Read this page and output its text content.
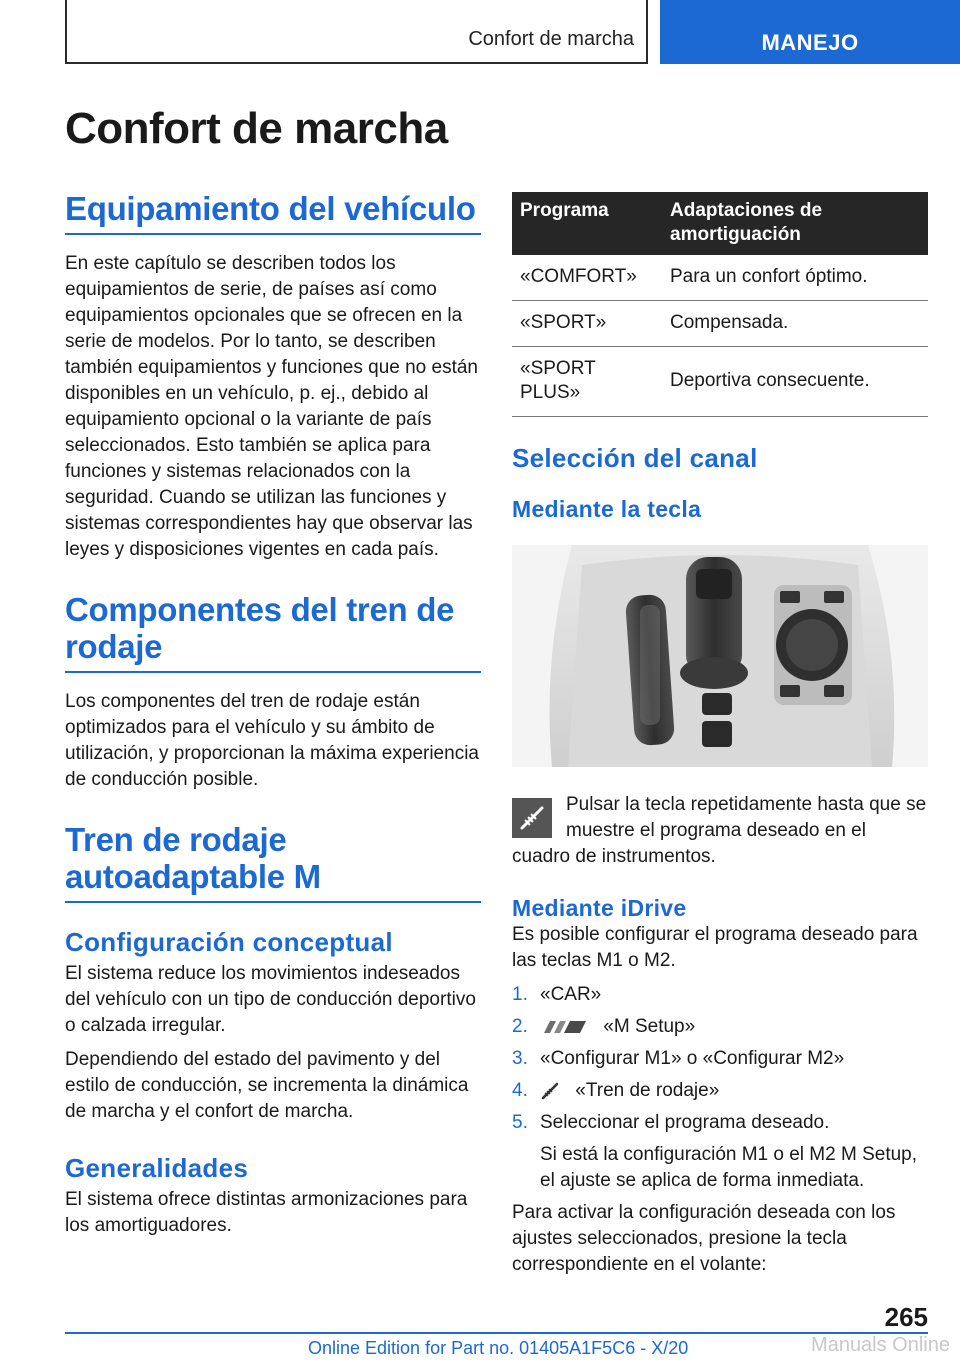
Confort de marcha	MANEJO
Confort de marcha
Equipamiento del vehículo

En este capítulo se describen todos los equipamientos de serie, de países así como equipamientos opcionales que se ofrecen en la serie de modelos. Por lo tanto, se describen también equipamientos y funciones que no están disponibles en un vehículo, p. ej., debido al equipamiento opcional o la variante de país seleccionados. Esto también se aplica para funciones y sistemas relacionados con la seguridad. Cuando se utilizan las funciones y sistemas correspondientes hay que observar las leyes y disposiciones vigentes en cada país.

Componentes del tren de rodaje

Los componentes del tren de rodaje están optimizados para el vehículo y su ámbito de utilización, y proporcionan la máxima experiencia de conducción posible.

Tren de rodaje autoadaptable M
Configuración conceptual

El sistema reduce los movimientos indeseados del vehículo con un tipo de conducción deportivo o calzada irregular.

Dependiendo del estado del pavimento y del estilo de conducción, se incrementa la dinámica de marcha y el confort de marcha.

Generalidades

El sistema ofrece distintas armonizaciones para los amortiguadores.

Programa	Adaptaciones de amortiguación
«COMFORT»	Para un confort óptimo.
«SPORT»	Compensada.
«SPORT PLUS»	Deportiva consecuente.
Selección del canal
Mediante la tecla

Pulsar la tecla repetidamente hasta que se muestre el programa deseado en el cuadro de instrumentos.

Mediante iDrive

Es posible configurar el programa deseado para las teclas M1 o M2.

1. «CAR»
2.	«M Setup»
3. «Configurar M1» o «Configurar M2»
4. «Tren de rodaje»
5. Seleccionar el programa deseado.

Si está la configuración M1 o el M2 M Setup, el ajuste se aplica de forma inmediata.

Para activar la configuración deseada con los ajustes seleccionados, presione la tecla correspondiente en el volante:

265
Online Edition for Part no. 01405A1F5C6 - X/20	Manuals Online
